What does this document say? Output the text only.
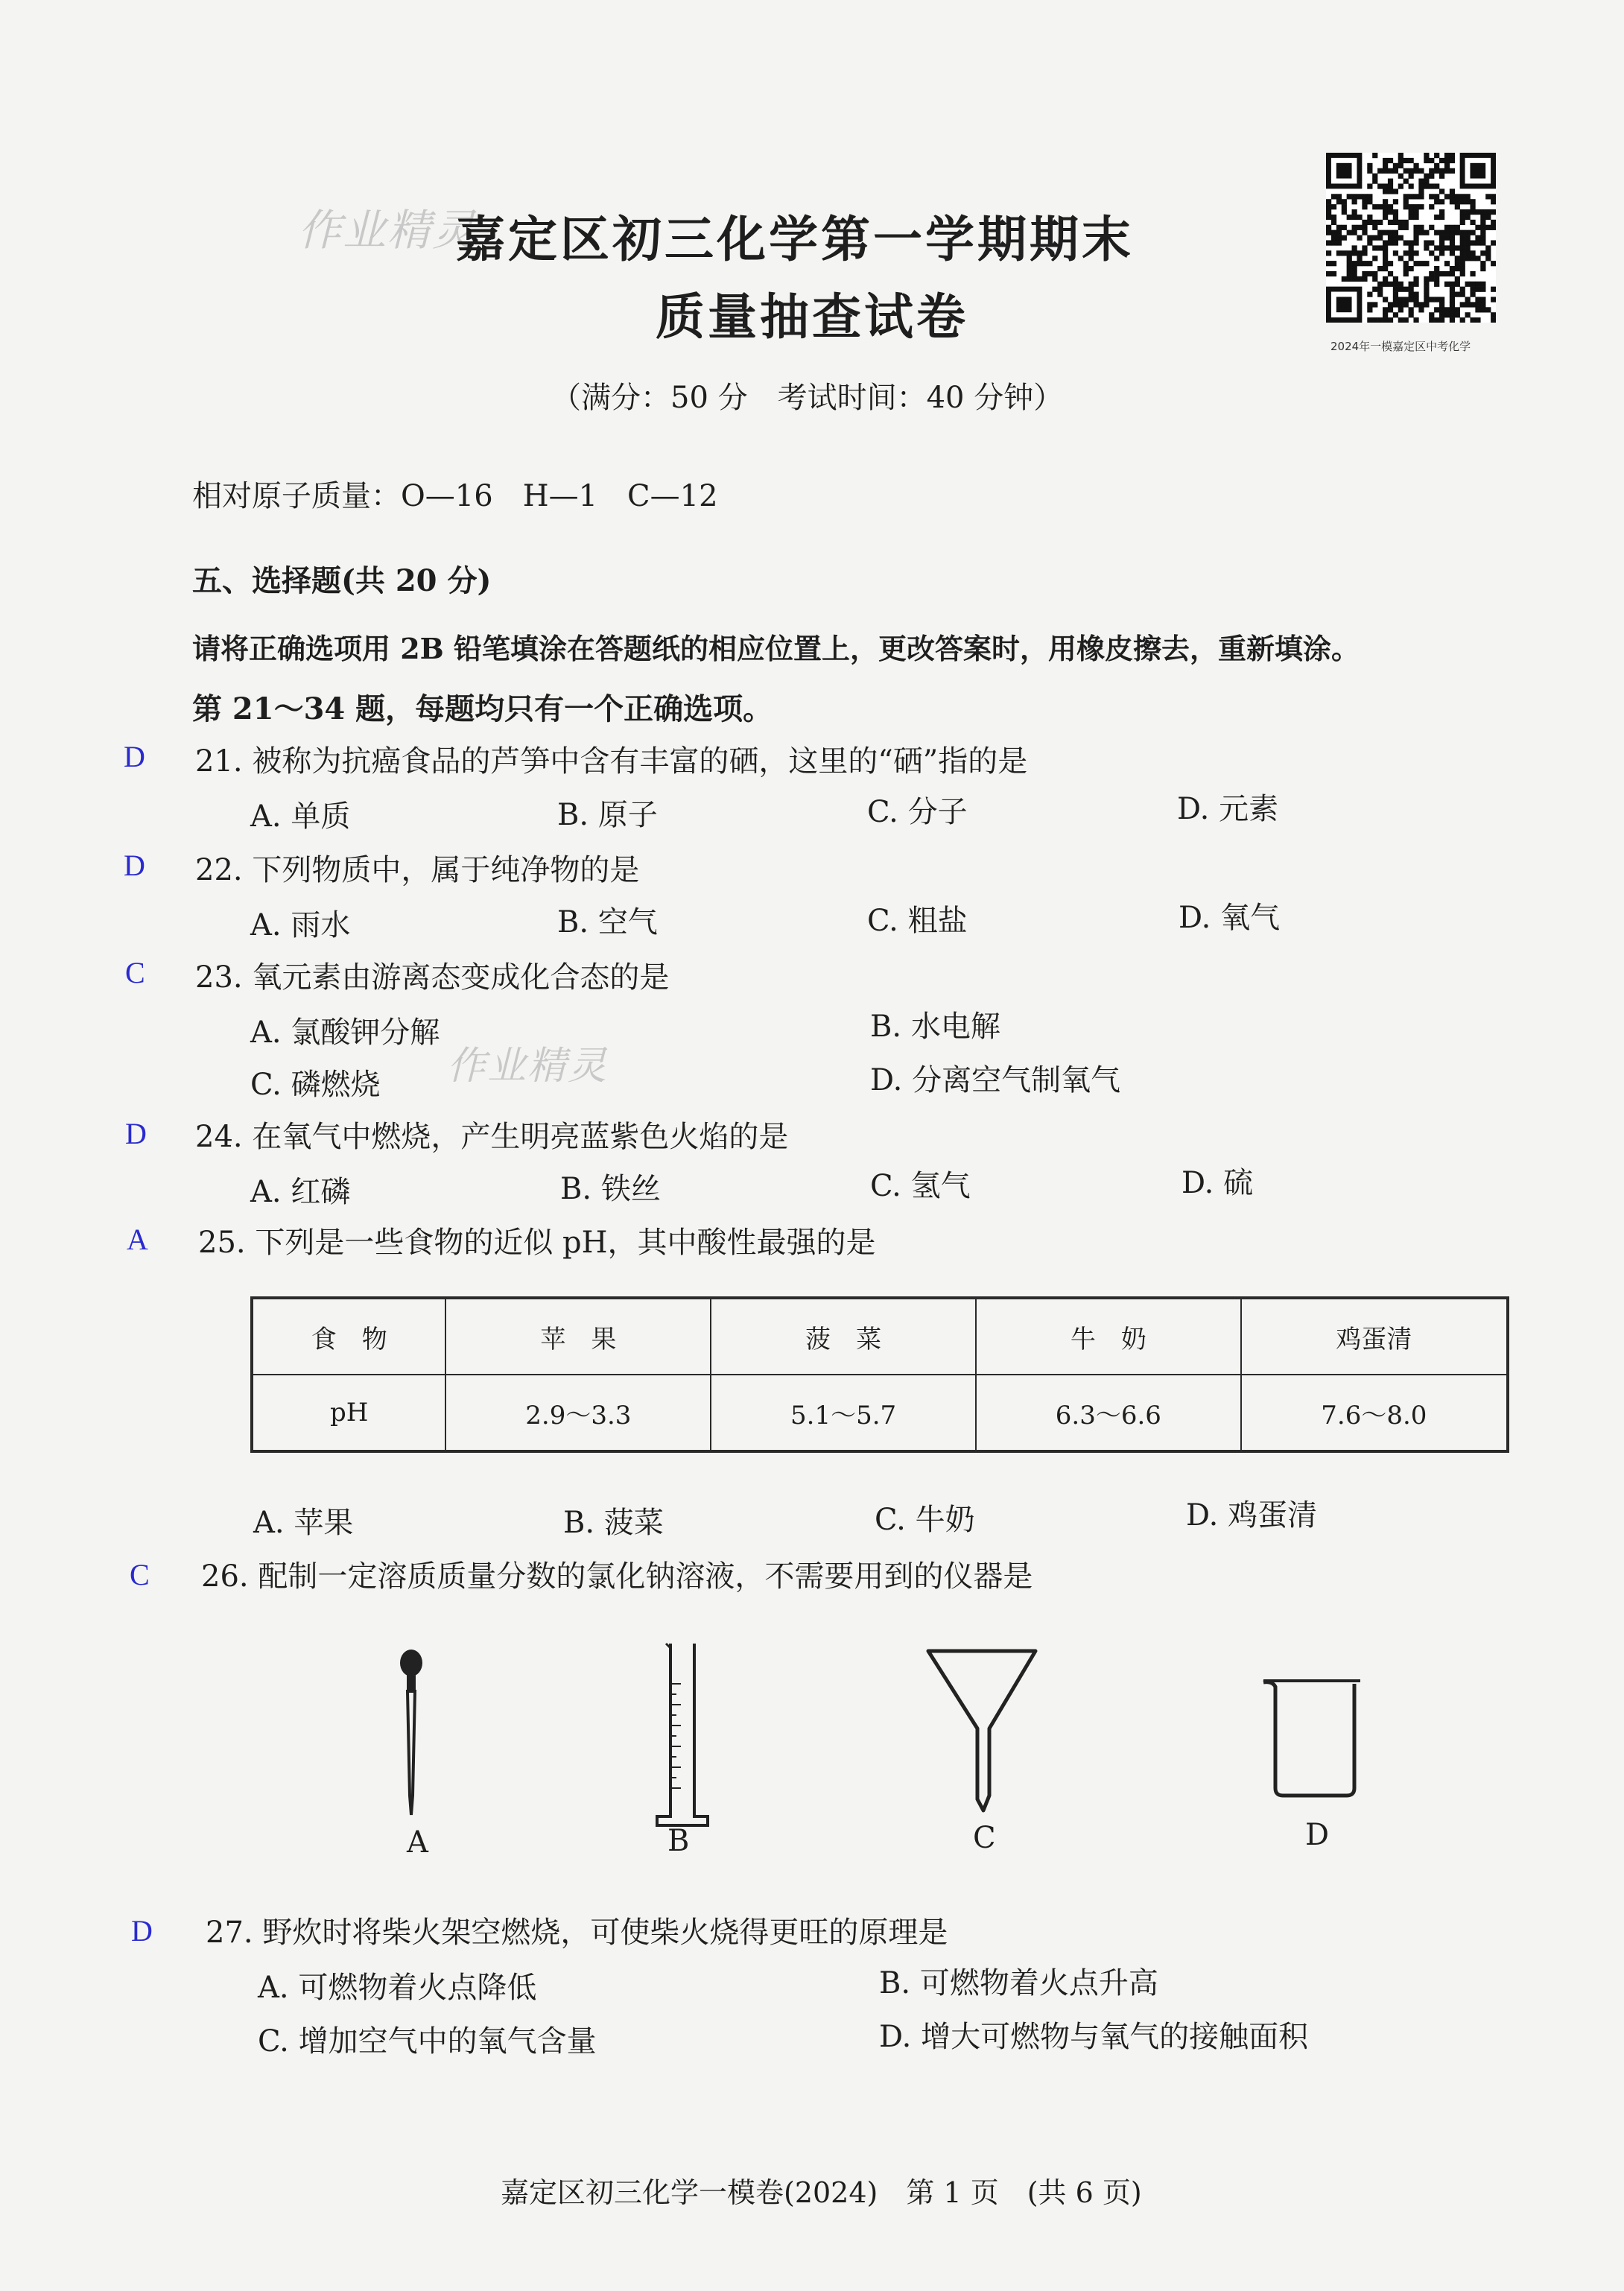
作业精灵
作业精灵
嘉定区初三化学第一学期期末
质量抽查试卷
（满分：50 分　考试时间：40 分钟）
2024年一模嘉定区中考化学
相对原子质量：O—16　H—1　C—12
五、选择题(共 20 分)
请将正确选项用 2B 铅笔填涂在答题纸的相应位置上，更改答案时，用橡皮擦去，重新填涂。
第 21～34 题，每题均只有一个正确选项。
D 21. 被称为抗癌食品的芦笋中含有丰富的硒，这里的“硒”指的是
A. 单质	B. 原子	C. 分子	D. 元素
D 22. 下列物质中，属于纯净物的是
A. 雨水	B. 空气	C. 粗盐	D. 氧气
C 23. 氧元素由游离态变成化合态的是
A. 氯酸钾分解	B. 水电解
C. 磷燃烧	D. 分离空气制氧气
D 24. 在氧气中燃烧，产生明亮蓝紫色火焰的是
A. 红磷	B. 铁丝	C. 氢气	D. 硫
A 25. 下列是一些食物的近似 pH，其中酸性最强的是
食　物	苹　果	菠　菜	牛　奶	鸡蛋清
pH	2.9～3.3	5.1～5.7	6.3～6.6	7.6～8.0
A. 苹果	B. 菠菜	C. 牛奶	D. 鸡蛋清
C 26. 配制一定溶质质量分数的氯化钠溶液，不需要用到的仪器是
A	B	C	D
D 27. 野炊时将柴火架空燃烧，可使柴火烧得更旺的原理是
A. 可燃物着火点降低	B. 可燃物着火点升高
C. 增加空气中的氧气含量	D. 增大可燃物与氧气的接触面积
嘉定区初三化学一模卷(2024)　第 1 页　(共 6 页)
